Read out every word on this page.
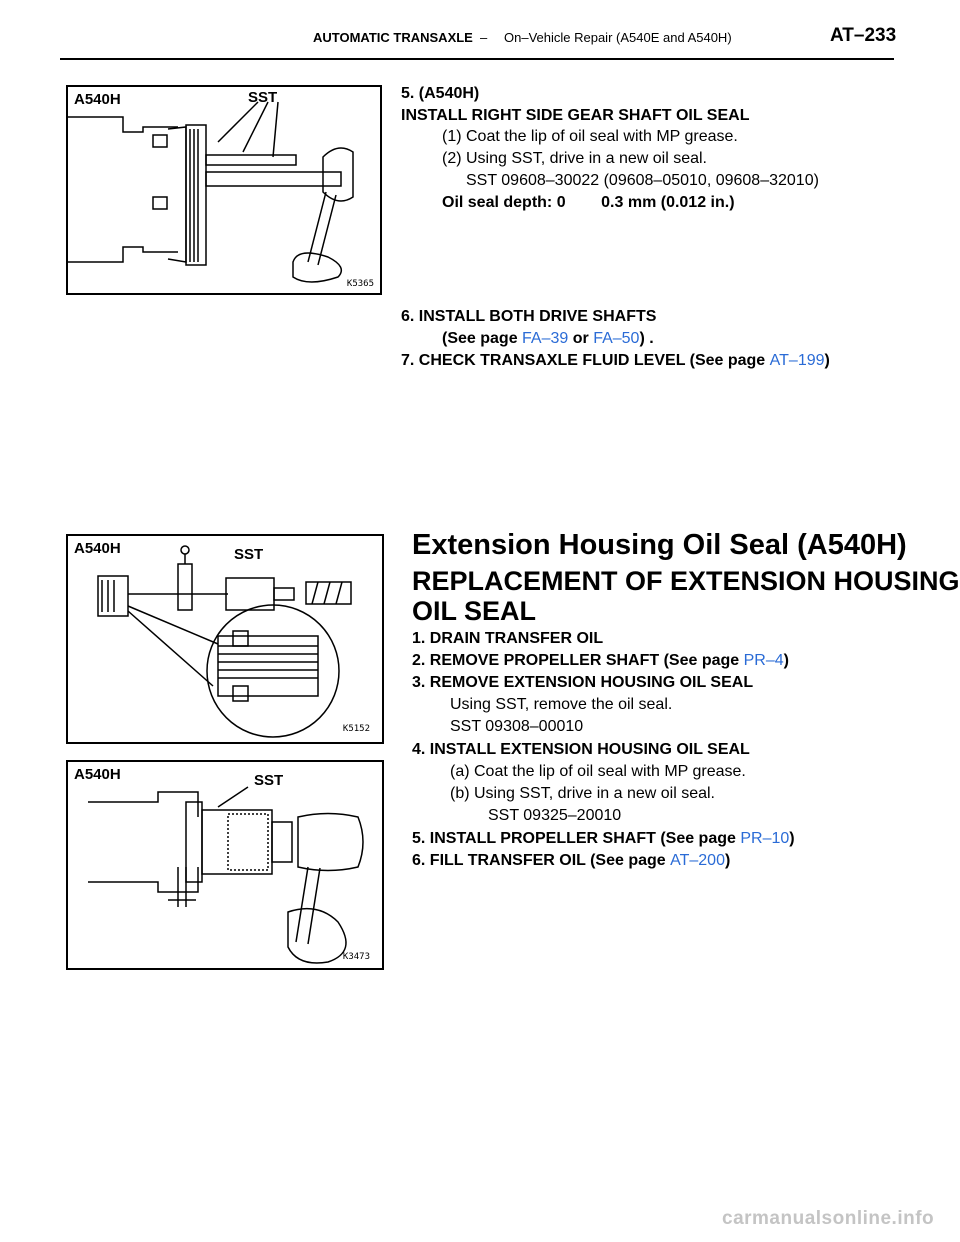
AUTOMATIC TRANSAXLE – On–Vehicle Repair (A540E and A540H)	AT–233
A540H	SST
K5365
5. (A540H)
INSTALL RIGHT SIDE GEAR SHAFT OIL SEAL
(1) Coat the lip of oil seal with MP grease.
(2) Using SST, drive in a new oil seal.
SST 09608–30022 (09608–05010, 09608–32010)
Oil seal depth: 0        0.3 mm (0.012 in.)
6. INSTALL BOTH DRIVE SHAFTS
(See page FA–39 or FA–50) .
7. CHECK TRANSAXLE FLUID LEVEL (See page AT–199)
A540H	SST
K5152
A540H	SST
K3473
Extension Housing Oil Seal (A540H)
REPLACEMENT OF EXTENSION HOUSING
OIL SEAL
1. DRAIN TRANSFER OIL
2. REMOVE PROPELLER SHAFT (See page PR–4)
3. REMOVE EXTENSION HOUSING OIL SEAL
Using SST, remove the oil seal.
SST 09308–00010
4. INSTALL EXTENSION HOUSING OIL SEAL
(a) Coat the lip of oil seal with MP grease.
(b) Using SST, drive in a new oil seal.
SST 09325–20010
5. INSTALL PROPELLER SHAFT (See page PR–10)
6. FILL TRANSFER OIL (See page AT–200)
carmanualsonline.info
